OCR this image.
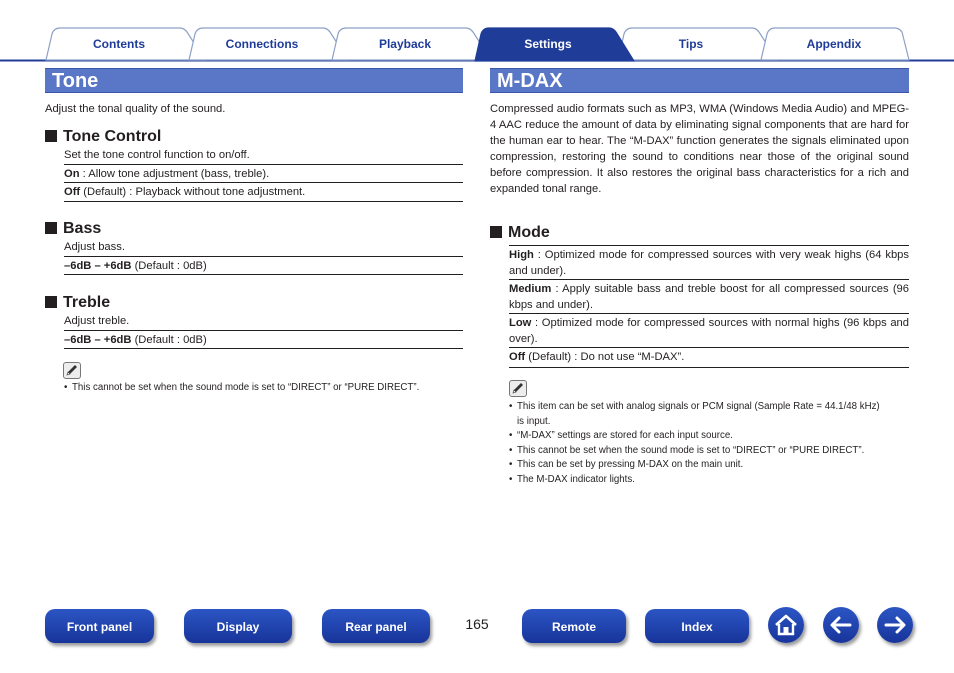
Contents	Connections	Playback	Settings	Tips	Appendix
Tone
Adjust the tonal quality of the sound.
Tone Control
Set the tone control function to on/off.
On : Allow tone adjustment (bass, treble).
Off (Default) : Playback without tone adjustment.
Bass
Adjust bass.
–6dB – +6dB (Default : 0dB)
Treble
Adjust treble.
–6dB – +6dB (Default : 0dB)
• This cannot be set when the sound mode is set to “DIRECT” or “PURE DIRECT”.
M-DAX
Compressed audio formats such as MP3, WMA (Windows Media Audio) and MPEG-4 AAC reduce the amount of data by eliminating signal components that are hard for the human ear to hear. The “M-DAX” function generates the signals eliminated upon compression, restoring the sound to conditions near those of the original sound before compression. It also restores the original bass characteristics for a rich and expanded tonal range.
Mode
High : Optimized mode for compressed sources with very weak highs (64 kbps and under).
Medium : Apply suitable bass and treble boost for all compressed sources (96 kbps and under).
Low : Optimized mode for compressed sources with normal highs (96 kbps and over).
Off (Default) : Do not use “M-DAX”.
• This item can be set with analog signals or PCM signal (Sample Rate = 44.1/48 kHz) is input.
• “M-DAX” settings are stored for each input source.
• This cannot be set when the sound mode is set to “DIRECT” or “PURE DIRECT”.
• This can be set by pressing M-DAX on the main unit.
• The M-DAX indicator lights.
Front panel	Display	Rear panel	165	Remote	Index
